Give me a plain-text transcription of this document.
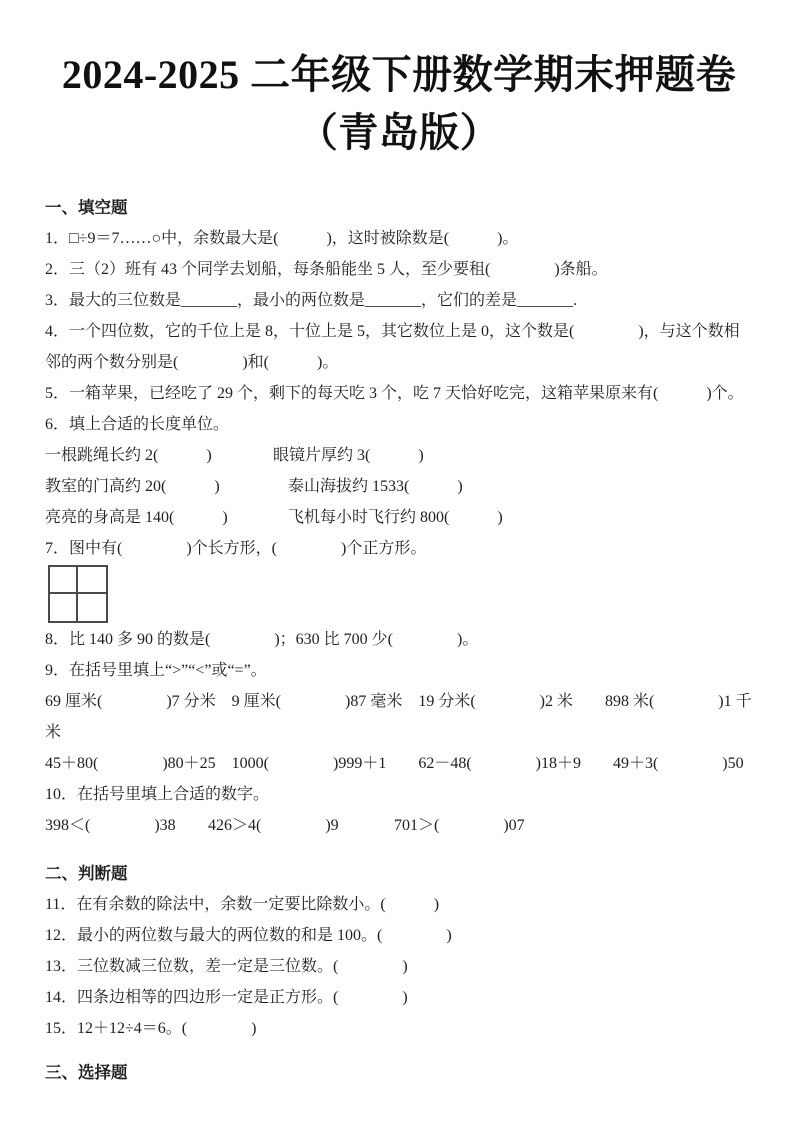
2024-2025 二年级下册数学期末押题卷
（青岛版）
一、填空题
1．□÷9＝7……○中，余数最大是(　　　)，这时被除数是(　　　)。
2．三（2）班有 43 个同学去划船，每条船能坐 5 人，至少要租(　　　　)条船。
3．最大的三位数是_______，最小的两位数是_______，它们的差是_______.
4．一个四位数，它的千位上是 8，十位上是 5，其它数位上是 0，这个数是(　　　　)，与这个数相
邻的两个数分别是(　　　　)和(　　　)。
5．一箱苹果，已经吃了 29 个，剩下的每天吃 3 个，吃 7 天恰好吃完，这箱苹果原来有(　　　)个。
6．填上合适的长度单位。
一根跳绳长约 2(　　　)	眼镜片厚约 3(　　　)
教室的门高约 20(　　　)	泰山海拔约 1533(　　　)
亮亮的身高是 140(　　　)	飞机每小时飞行约 800(　　　)
7．图中有(　　　　)个长方形，(　　　　)个正方形。
8．比 140 多 90 的数是(　　　　)；630 比 700 少(　　　　)。
9．在括号里填上“>”“<”或“=”。
69 厘米(　　　　)7 分米　9 厘米(　　　　)87 毫米　19 分米(　　　　)2 米　　898 米(　　　　)1 千
米
45＋80(　　　　)80＋25　1000(　　　　)999＋1　　62－48(　　　　)18＋9　　49＋3(　　　　)50
10．在括号里填上合适的数字。
398＜(　　　　)38 426＞4(　　　　)9	701＞(　　　　)07
二、判断题
11．在有余数的除法中，余数一定要比除数小。(　　　)
12．最小的两位数与最大的两位数的和是 100。(　　　　)
13．三位数减三位数，差一定是三位数。(　　　　)
14．四条边相等的四边形一定是正方形。(　　　　)
15．12＋12÷4＝6。(　　　　)
三、选择题
